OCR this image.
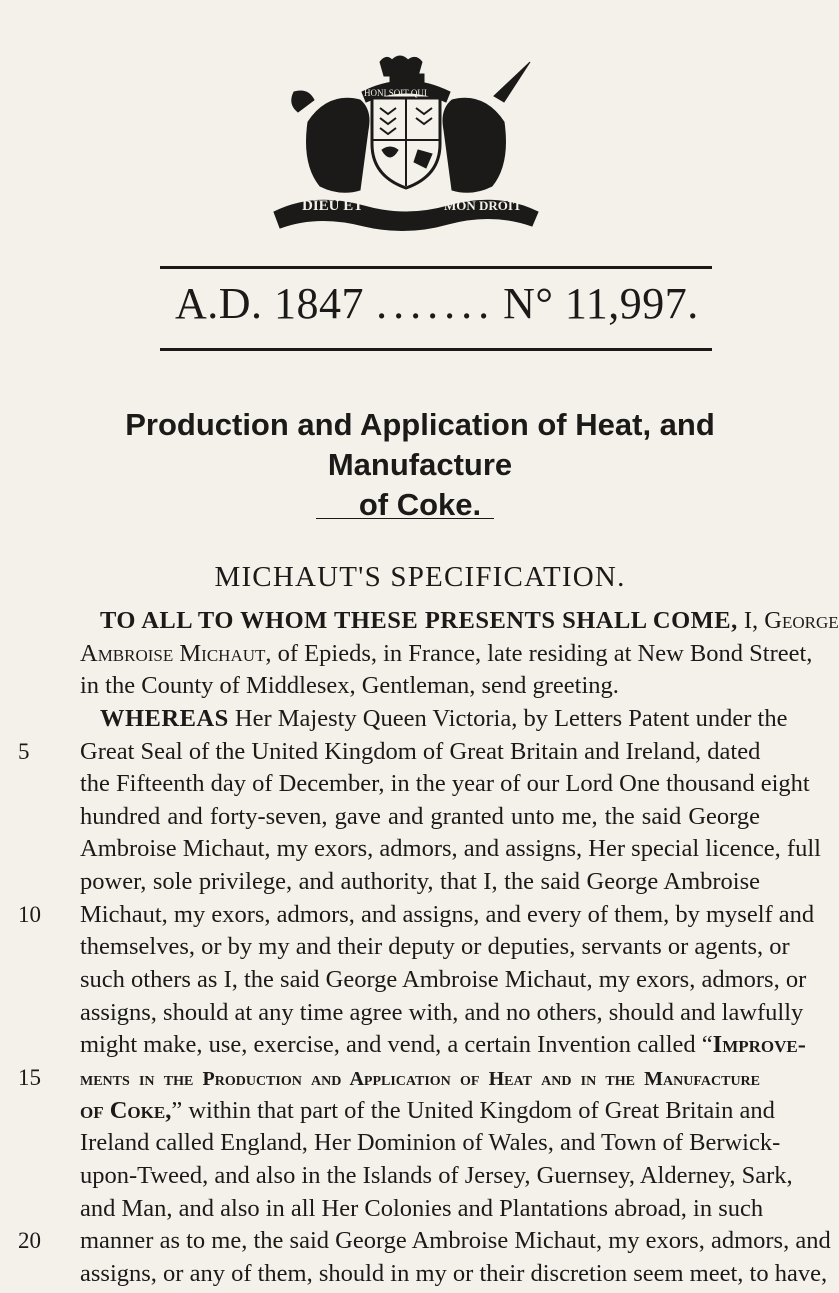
DIEU ET	MON DROIT
HONI SOIT QUI
A.D. 1847 ....... N° 11,997.
Production and Application of Heat, and Manufacture
of Coke.
MICHAUT'S SPECIFICATION.
TO ALL TO WHOM THESE PRESENTS SHALL COME, I, George
Ambroise Michaut, of Epieds, in France, late residing at New Bond Street,
in the County of Middlesex, Gentleman, send greeting.
WHEREAS Her Majesty Queen Victoria, by Letters Patent under the
5	Great Seal of the United Kingdom of Great Britain and Ireland, dated
the Fifteenth day of December, in the year of our Lord One thousand eight
hundred and forty-seven, gave and granted unto me, the said George
Ambroise Michaut, my exors, admors, and assigns, Her special licence, full
power, sole privilege, and authority, that I, the said George Ambroise
10	Michaut, my exors, admors, and assigns, and every of them, by myself and
themselves, or by my and their deputy or deputies, servants or agents, or
such others as I, the said George Ambroise Michaut, my exors, admors, or
assigns, should at any time agree with, and no others, should and lawfully
might make, use, exercise, and vend, a certain Invention called “Improve-
15	ments in the Production and Application of Heat and in the Manufacture
of Coke,” within that part of the United Kingdom of Great Britain and
Ireland called England, Her Dominion of Wales, and Town of Berwick-
upon-Tweed, and also in the Islands of Jersey, Guernsey, Alderney, Sark,
and Man, and also in all Her Colonies and Plantations abroad, in such
20	manner as to me, the said George Ambroise Michaut, my exors, admors, and
assigns, or any of them, should in my or their discretion seem meet, to have,
